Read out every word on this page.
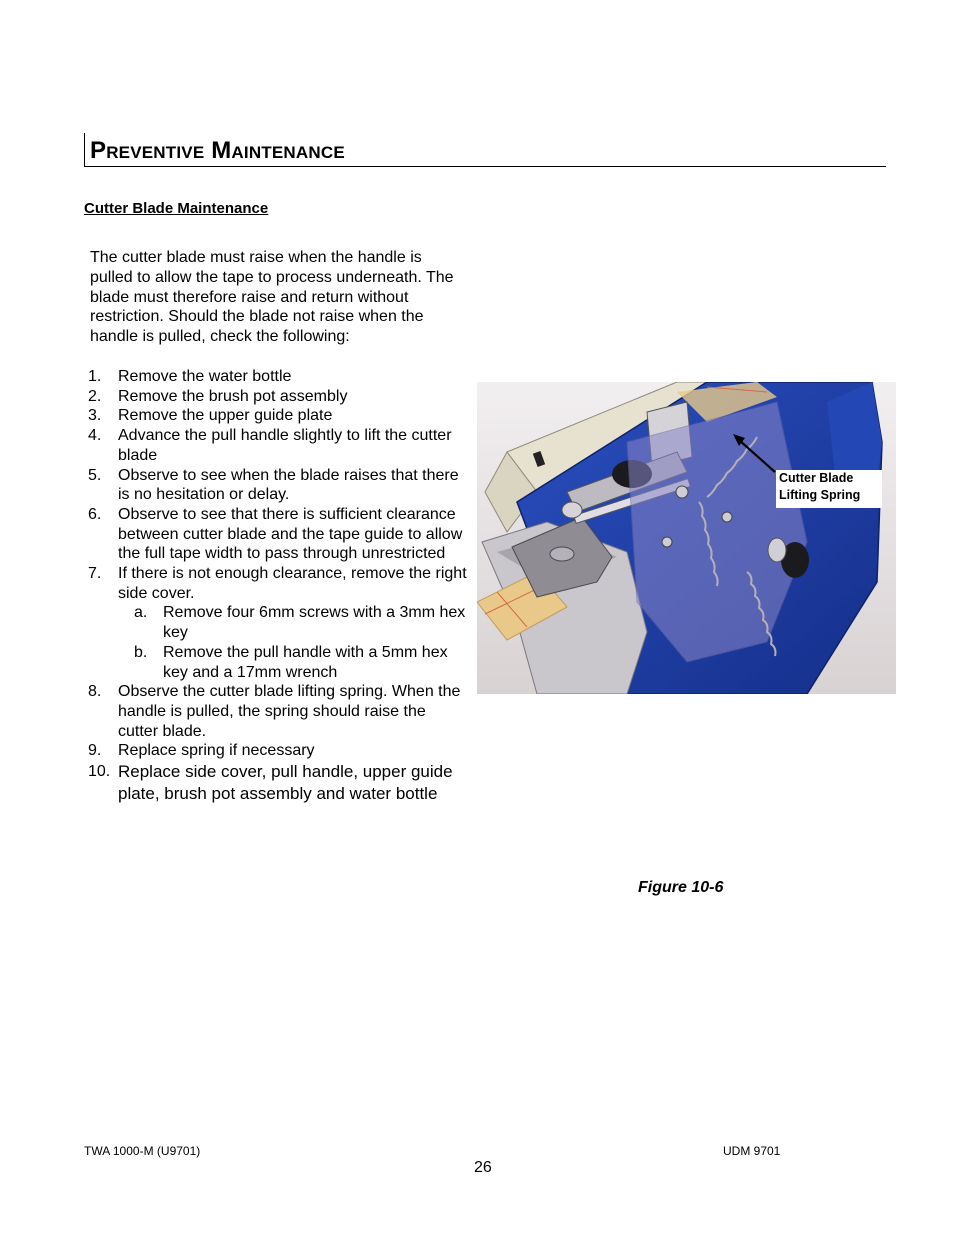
Preventive Maintenance
Cutter Blade Maintenance
The cutter blade must raise when the handle is pulled to allow the tape to process underneath. The blade must therefore raise and return without restriction. Should the blade not raise when the handle is pulled, check the following:
1. Remove the water bottle
2. Remove the brush pot assembly
3. Remove the upper guide plate
4. Advance the pull handle slightly to lift the cutter blade
5. Observe to see when the blade raises that there is no hesitation or delay.
6. Observe to see that there is sufficient clearance between cutter blade and the tape guide to allow the full tape width to pass through unrestricted
7. If there is not enough clearance, remove the right side cover.
a. Remove four 6mm screws with a 3mm hex key
b. Remove the pull handle with a 5mm hex key and a 17mm wrench
8. Observe the cutter blade lifting spring. When the handle is pulled, the spring should raise the cutter blade.
9. Replace spring if necessary
10. Replace side cover, pull handle, upper guide plate, brush pot assembly and water bottle
Cutter Blade
Lifting Spring
Figure 10-6
TWA 1000-M (U9701)	UDM 9701
26
